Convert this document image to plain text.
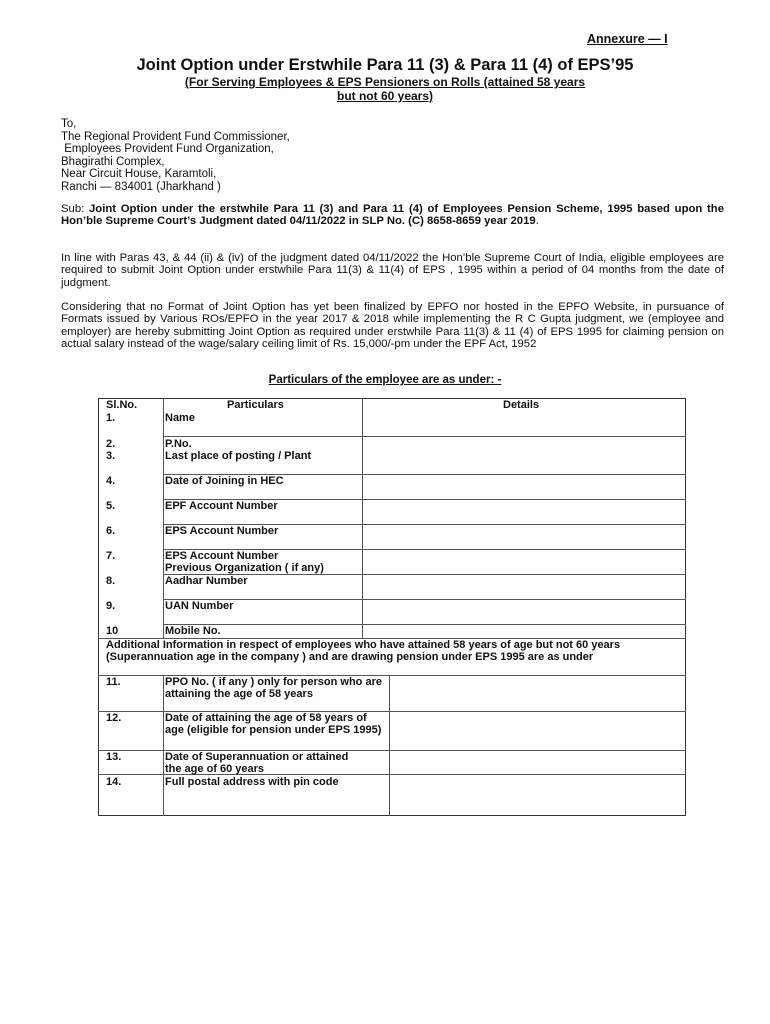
Annexure — I
Joint Option under Erstwhile Para 11 (3) & Para 11 (4) of EPS’95
(For Serving Employees & EPS Pensioners on Rolls (attained 58 years
but not 60 years)
To,
The Regional Provident Fund Commissioner,
Employees Provident Fund Organization,
Bhagirathi Complex,
Near Circuit House, Karamtoli,
Ranchi — 834001 (Jharkhand )
Sub: Joint Option under the erstwhile Para 11 (3) and Para 11 (4) of Employees Pension Scheme, 1995 based upon the Hon’ble Supreme Court’s Judgment dated 04/11/2022 in SLP No. (C) 8658-8659 year 2019.
In line with Paras 43, & 44 (ii) & (iv) of the judgment dated 04/11/2022 the Hon’ble Supreme Court of India, eligible employees are required to submit Joint Option under erstwhile Para 11(3) & 11(4) of EPS , 1995 within a period of 04 months from the date of judgment.
Considering that no Format of Joint Option has yet been finalized by EPFO nor hosted in the EPFO Website, in pursuance of Formats issued by Various ROs/EPFO in the year 2017 & 2018 while implementing the R C Gupta judgment, we (employee and employer) are hereby submitting Joint Option as required under erstwhile Para 11(3) & 11 (4) of EPS 1995 for claiming pension on actual salary instead of the wage/salary ceiling limit of Rs. 15,000/-pm under the EPF Act, 1952
Particulars of the employee are as under: -
Sl.No.	Particulars	Details
1.	Name
2.	P.No.
3.	Last place of posting / Plant
4.	Date of Joining in HEC
5.	EPF Account Number
6.	EPS Account Number
7.	EPS Account Number
Previous Organization ( if any)
8.	Aadhar Number
9.	UAN Number
10	Mobile No.
Additional Information in respect of employees who have attained 58 years of age but not 60 years (Superannuation age in the company ) and are drawing pension under EPS 1995 are as under
11.	PPO No. ( if any ) only for person who are attaining the age of 58 years
12.	Date of attaining the age of 58 years of age (eligible for pension under EPS 1995)
13.	Date of Superannuation or attained the age of 60 years
14.	Full postal address with pin code
